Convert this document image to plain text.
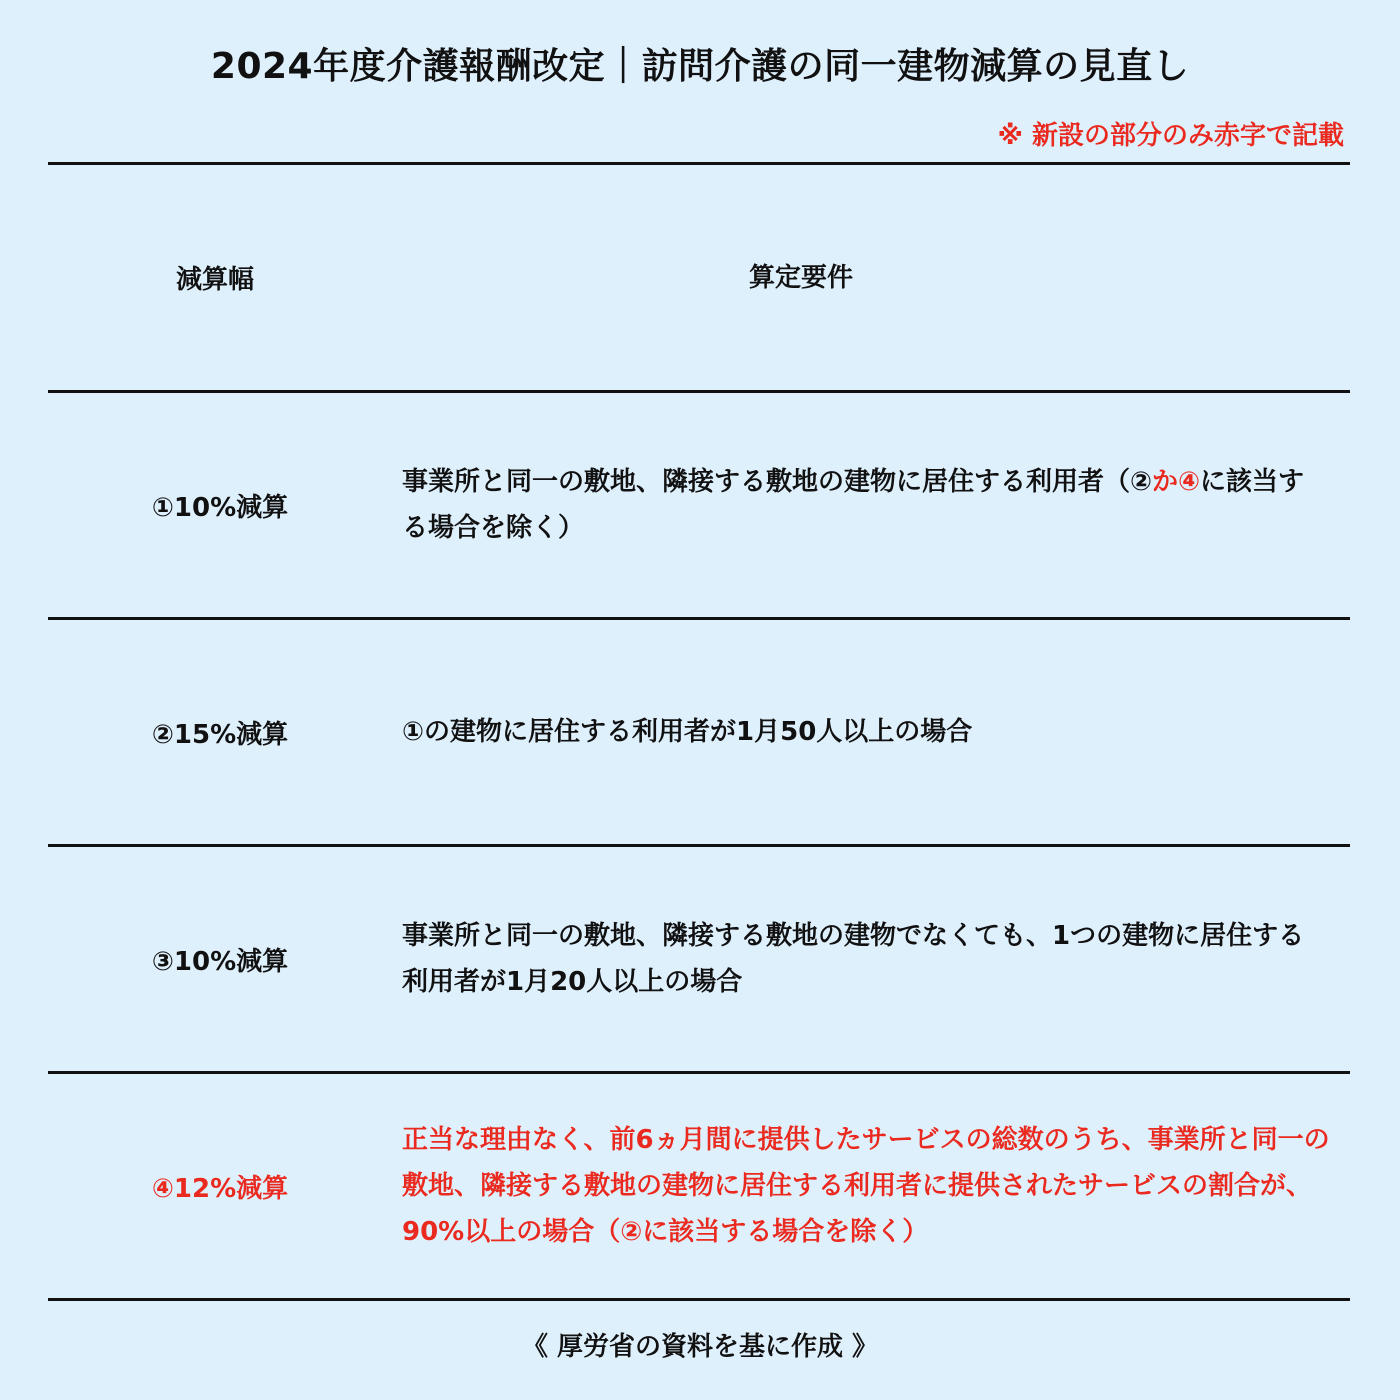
2024年度介護報酬改定｜訪問介護の同一建物減算の見直し
※ 新設の部分のみ赤字で記載
減算幅	算定要件
①10%減算
事業所と同一の敷地、隣接する敷地の建物に居住する利用者（②か④に該当する場合を除く）
②15%減算	①の建物に居住する利用者が1月50人以上の場合
③10%減算
事業所と同一の敷地、隣接する敷地の建物でなくても、1つの建物に居住する利用者が1月20人以上の場合
④12%減算
正当な理由なく、前6ヵ月間に提供したサービスの総数のうち、事業所と同一の敷地、隣接する敷地の建物に居住する利用者に提供されたサービスの割合が、90%以上の場合（②に該当する場合を除く）
《 厚労省の資料を基に作成 》
